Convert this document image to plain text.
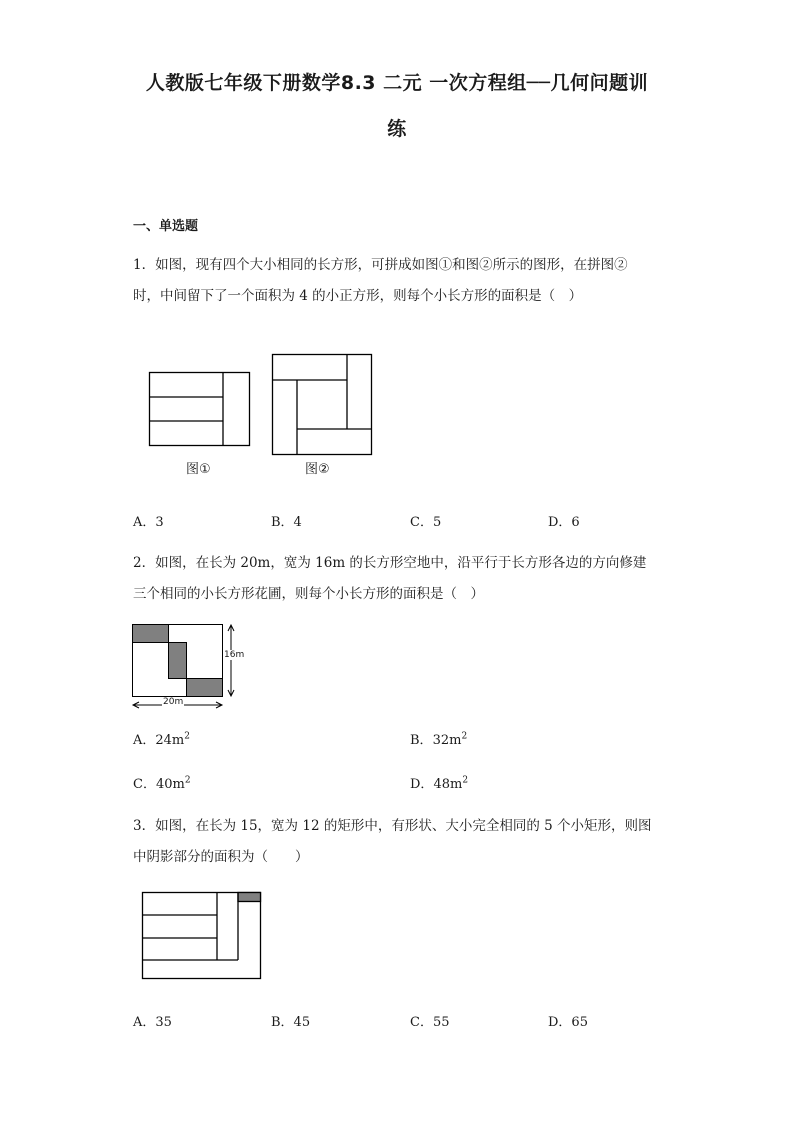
人教版七年级下册数学8.3 二元 一次方程组──几何问题训
练
一、单选题
1．如图，现有四个大小相同的长方形，可拼成如图①和图②所示的图形，在拼图②
时，中间留下了一个面积为 4 的小正方形，则每个小长方形的面积是（　）
图①	图②
A．3	B．4	C．5	D．6
2．如图，在长为 20m，宽为 16m 的长方形空地中，沿平行于长方形各边的方向修建
三个相同的小长方形花圃，则每个小长方形的面积是（　）
16m
20m
A．$24m^2$	B．$32m^2$
C．$40m^2$	D．$48m^2$
3．如图，在长为 15，宽为 12 的矩形中，有形状、大小完全相同的 5 个小矩形，则图
中阴影部分的面积为（　　）
A．35	B．45	C．55	D．65
